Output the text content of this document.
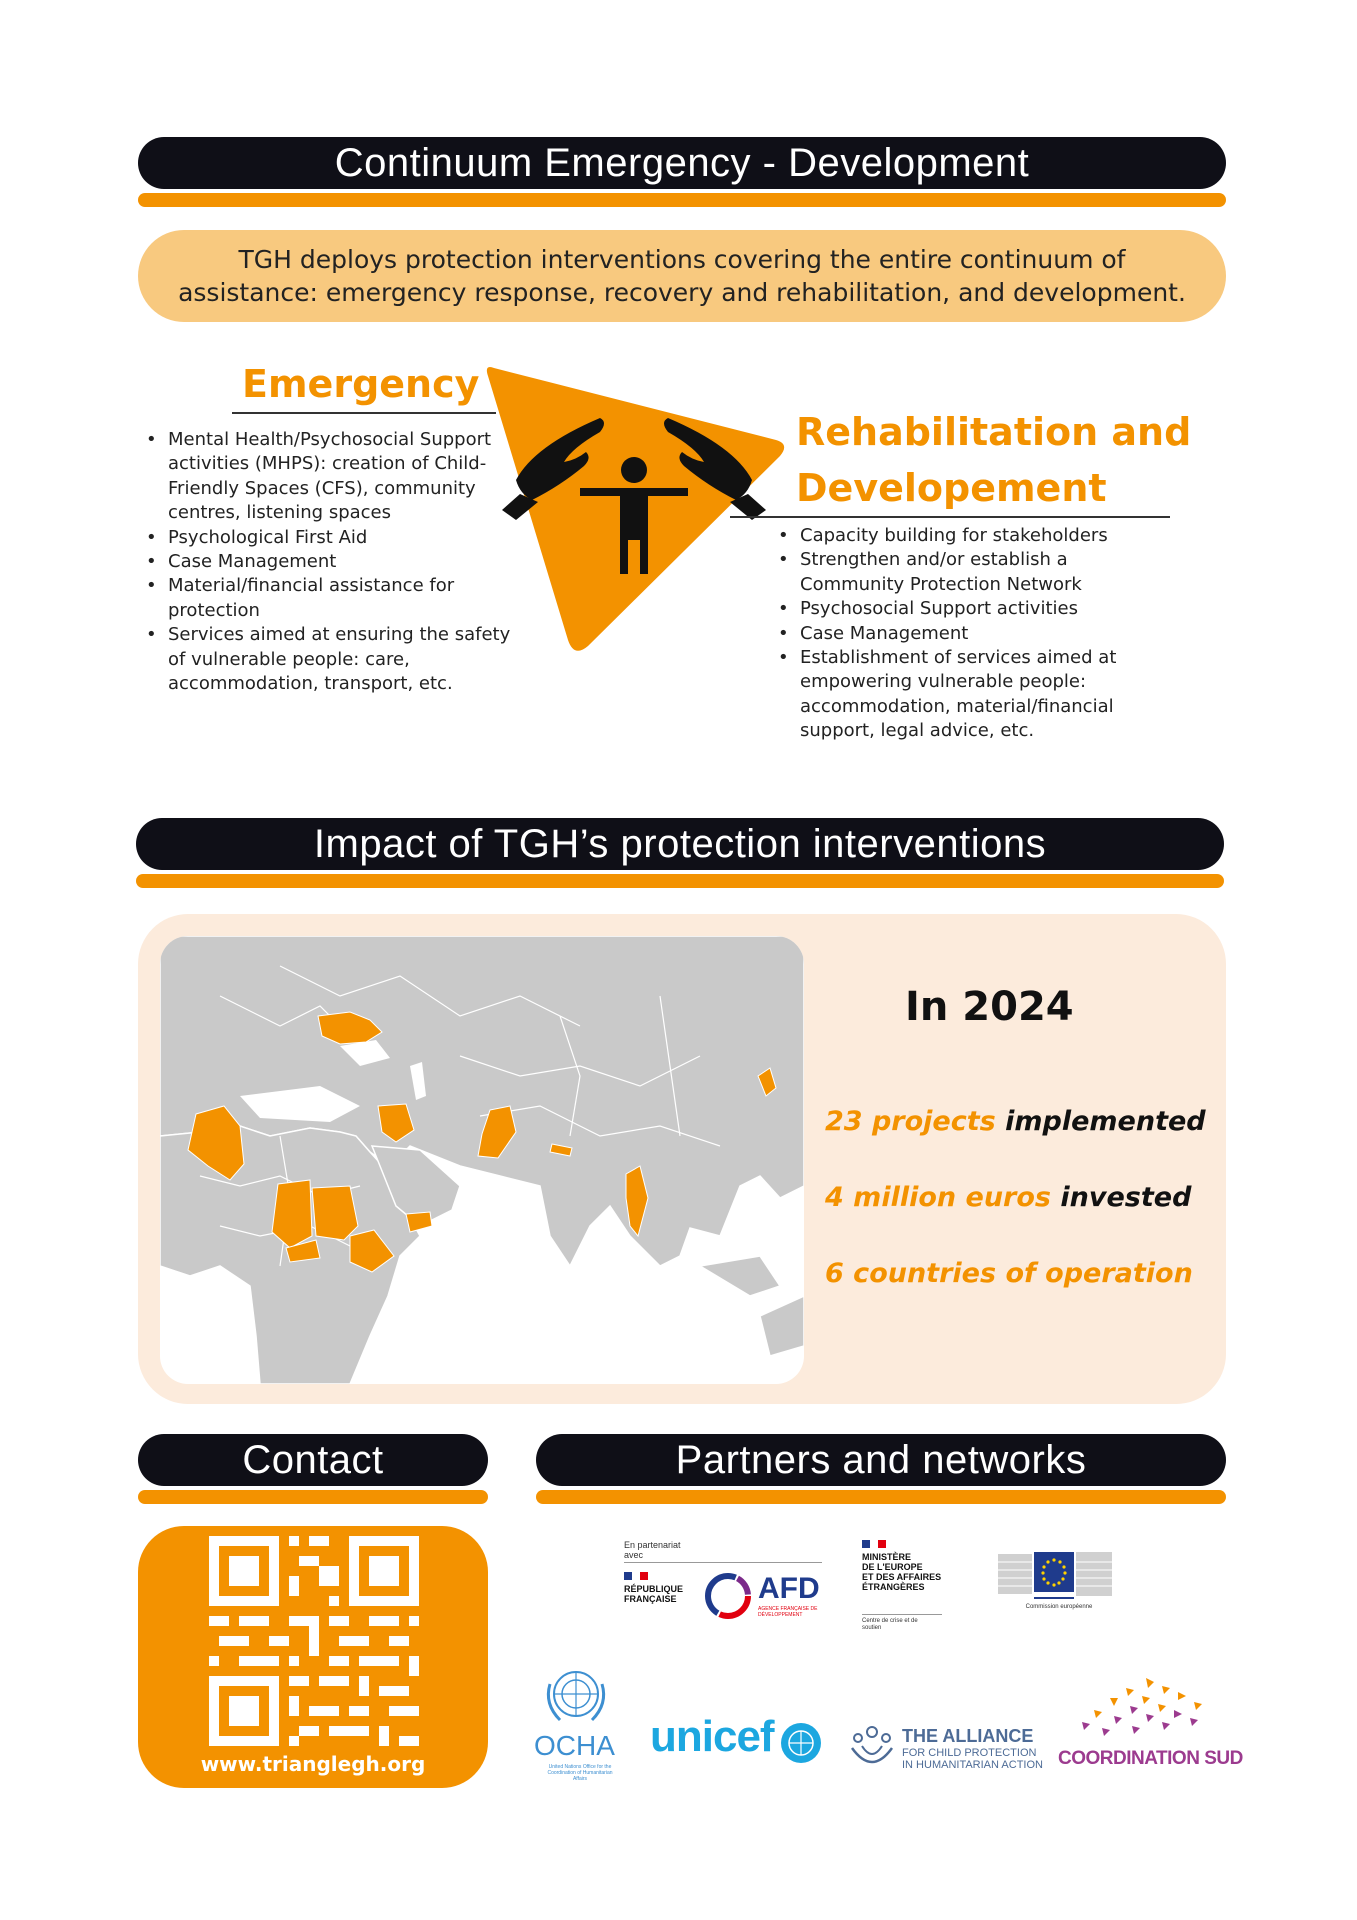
Continuum Emergency - Development
TGH deploys protection interventions covering the entire continuum of assistance: emergency response, recovery and rehabilitation, and development.
Emergency
• Mental Health/Psychosocial Support activities (MHPS): creation of Child-Friendly Spaces (CFS), community centres, listening spaces
• Psychological First Aid
• Case Management
• Material/financial assistance for protection
• Services aimed at ensuring the safety of vulnerable people: care, accommodation, transport, etc.
Rehabilitation and
Developement
• Capacity building for stakeholders
• Strengthen and/or establish a Community Protection Network
• Psychosocial Support activities
• Case Management
• Establishment of services aimed at empowering vulnerable people: accommodation, material/financial support, legal advice, etc.
Impact of TGH’s protection interventions
In 2024
23 projects implemented
4 million euros invested
6 countries of operation
Contact	Partners and networks
www.trianglegh.org
En partenariat avec
RÉPUBLIQUE
FRANÇAISE	AFD
AGENCE FRANÇAISE DE DÉVELOPPEMENT
MINISTÈRE
DE L'EUROPE
ET DES AFFAIRES
ÉTRANGÈRES
Centre de crise et de soutien
Commission européenne
OCHA
United Nations Office for the Coordination of Humanitarian Affairs
unicef	THE ALLIANCE
FOR CHILD PROTECTION
IN HUMANITARIAN ACTION COORDINATION SUD
